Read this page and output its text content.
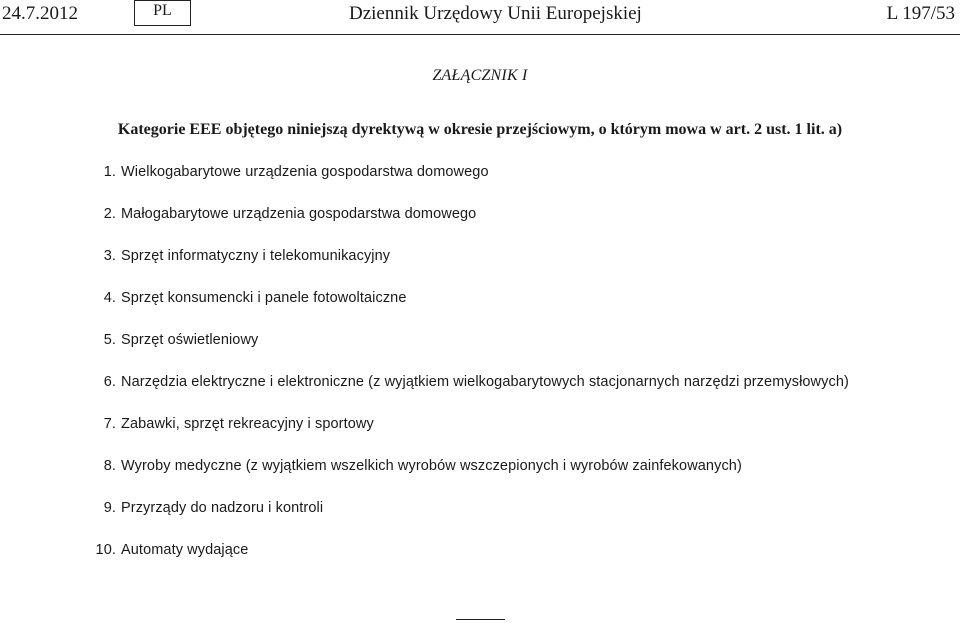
24.7.2012	PL	Dziennik Urzędowy Unii Europejskiej	L 197/53
ZAŁĄCZNIK I
Kategorie EEE objętego niniejszą dyrektywą w okresie przejściowym, o którym mowa w art. 2 ust. 1 lit. a)
1. Wielkogabarytowe urządzenia gospodarstwa domowego
2. Małogabarytowe urządzenia gospodarstwa domowego
3. Sprzęt informatyczny i telekomunikacyjny
4. Sprzęt konsumencki i panele fotowoltaiczne
5. Sprzęt oświetleniowy
6. Narzędzia elektryczne i elektroniczne (z wyjątkiem wielkogabarytowych stacjonarnych narzędzi przemysłowych)
7. Zabawki, sprzęt rekreacyjny i sportowy
8. Wyroby medyczne (z wyjątkiem wszelkich wyrobów wszczepionych i wyrobów zainfekowanych)
9. Przyrządy do nadzoru i kontroli
10. Automaty wydające
